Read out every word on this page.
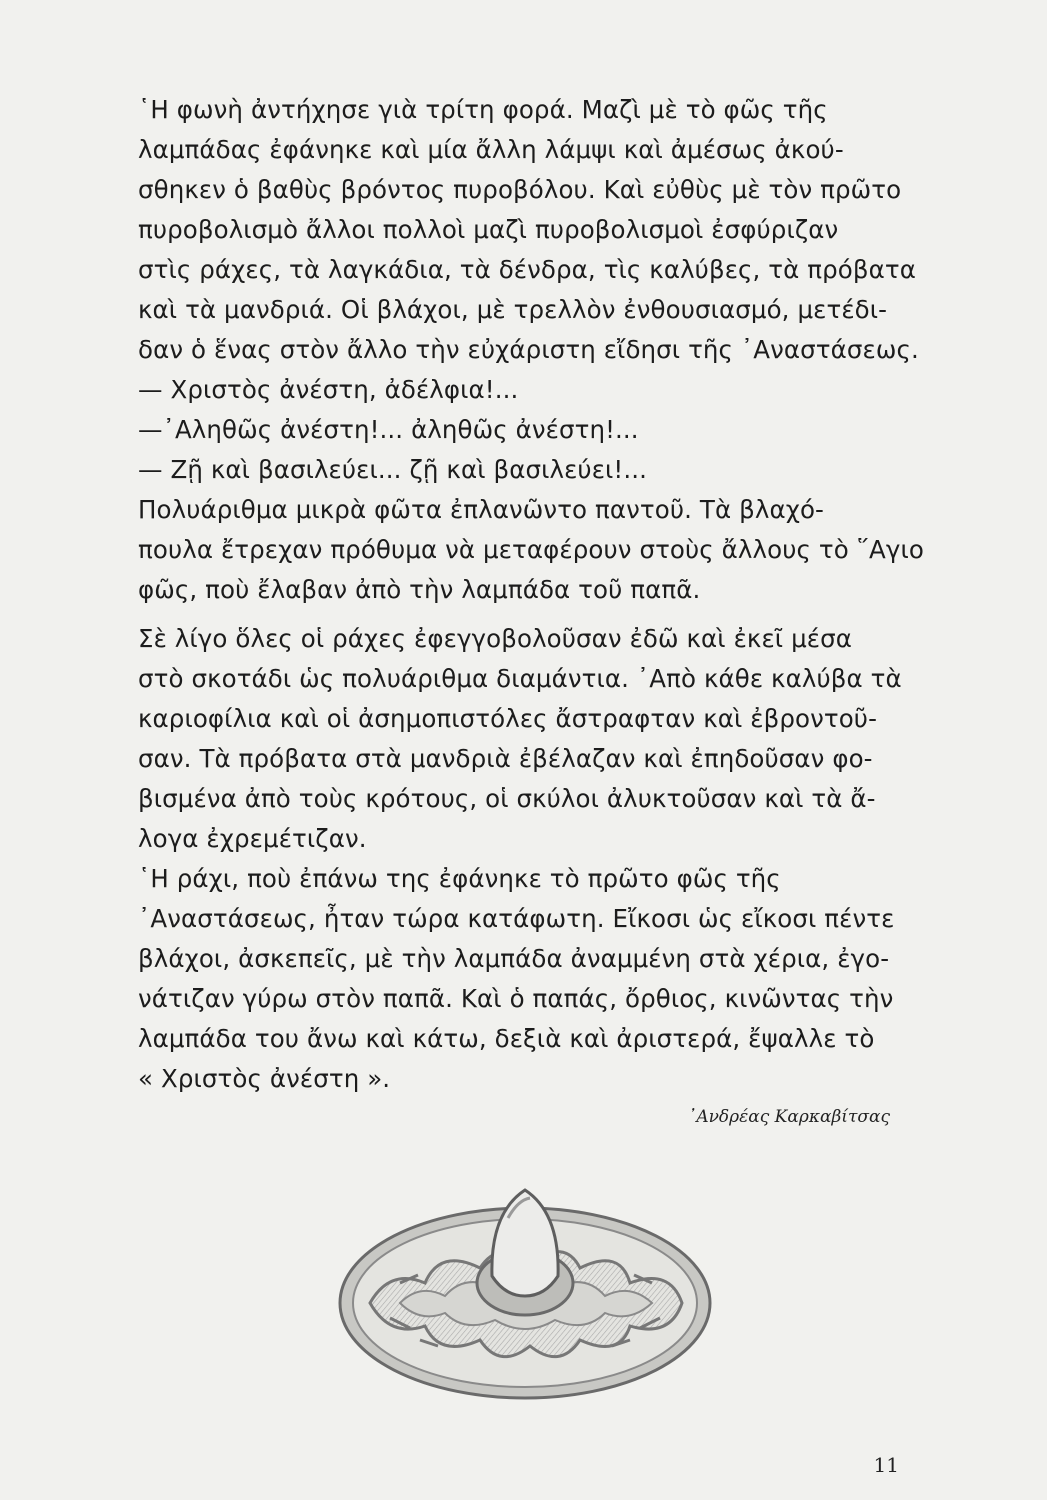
῾Η φωνὴ ἀντήχησε γιὰ τρίτη φορά. Μαζὶ μὲ τὸ φῶς τῆς
λαμπάδας ἐφάνηκε καὶ μία ἄλλη λάμψι καὶ ἀμέσως ἀκού-
σθηκεν ὁ βαθὺς βρόντος πυροβόλου. Καὶ εὐθὺς μὲ τὸν πρῶτο
πυροβολισμὸ ἄλλοι πολλοὶ μαζὶ πυροβολισμοὶ ἐσφύριζαν
στὶς ράχες, τὰ λαγκάδια, τὰ δένδρα, τὶς καλύβες, τὰ πρόβατα
καὶ τὰ μανδριά. Οἱ βλάχοι, μὲ τρελλὸν ἐνθουσιασμό, μετέδι-
δαν ὁ ἕνας στὸν ἄλλο τὴν εὐχάριστη εἴδησι τῆς ᾿Αναστάσεως.
— Χριστὸς ἀνέστη, ἀδέλφια!...
—᾿Αληθῶς ἀνέστη!... ἀληθῶς ἀνέστη!...
— Ζῇ καὶ βασιλεύει... ζῇ καὶ βασιλεύει!...
Πολυάριθμα μικρὰ φῶτα ἐπλανῶντο παντοῦ. Τὰ βλαχό-
πουλα ἔτρεχαν πρόθυμα νὰ μεταφέρουν στοὺς ἄλλους τὸ ῞Αγιο
φῶς, ποὺ ἔλαβαν ἀπὸ τὴν λαμπάδα τοῦ παπᾶ.
Σὲ λίγο ὅλες οἱ ράχες ἐφεγγοβολοῦσαν ἐδῶ καὶ ἐκεῖ μέσα
στὸ σκοτάδι ὡς πολυάριθμα διαμάντια. ᾿Απὸ κάθε καλύβα τὰ
καριοφίλια καὶ οἱ ἀσημοπιστόλες ἄστραφταν καὶ ἐβροντοῦ-
σαν. Τὰ πρόβατα στὰ μανδριὰ ἐβέλαζαν καὶ ἐπηδοῦσαν φο-
βισμένα ἀπὸ τοὺς κρότους, οἱ σκύλοι ἀλυκτοῦσαν καὶ τὰ ἄ-
λογα ἐχρεμέτιζαν.
῾Η ράχι, ποὺ ἐπάνω της ἐφάνηκε τὸ πρῶτο φῶς τῆς
᾿Αναστάσεως, ἦταν τώρα κατάφωτη. Εἴκοσι ὡς εἴκοσι πέντε
βλάχοι, ἀσκεπεῖς, μὲ τὴν λαμπάδα ἀναμμένη στὰ χέρια, ἐγο-
νάτιζαν γύρω στὸν παπᾶ. Καὶ ὁ παπάς, ὄρθιος, κινῶντας τὴν
λαμπάδα του ἄνω καὶ κάτω, δεξιὰ καὶ ἀριστερά, ἔψαλλε τὸ
« Χριστὸς ἀνέστη ».
᾿Ανδρέας Καρκαβίτσας
11
